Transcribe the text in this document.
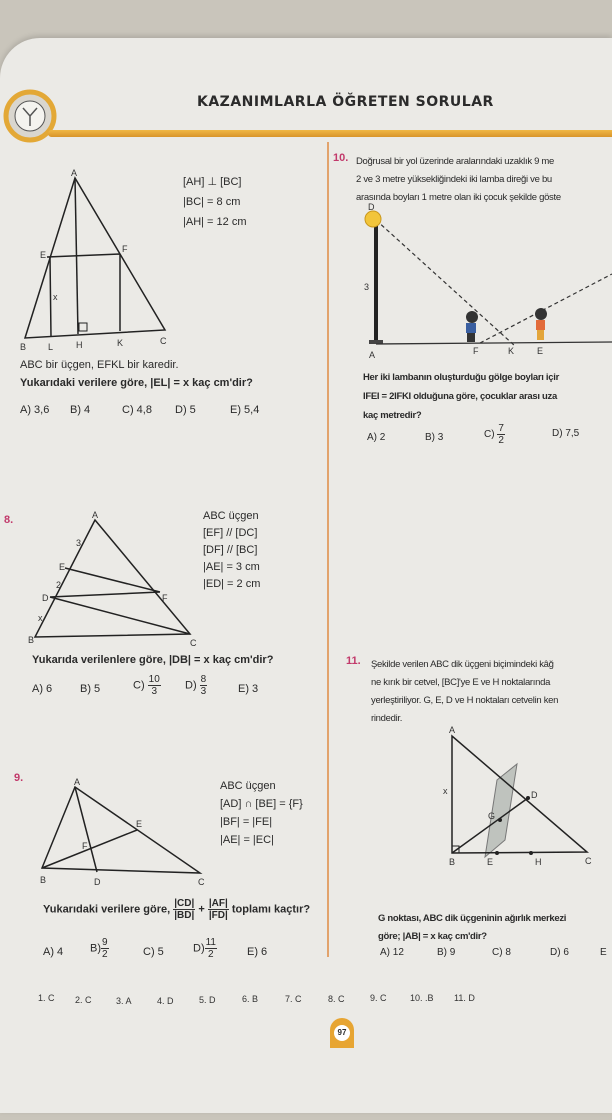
KAZANIMLARLA ÖĞRETEN SORULAR
A
B
C
E
F
L	H	K
x
[AH] ⊥ [BC]
|BC| = 8 cm
|AH| = 12 cm
ABC bir üçgen, EFKL bir karedir.
Yukarıdaki verilere göre, |EL| = x kaç cm'dir?
A) 3,6 B) 4	C) 4,8 D) 5	E) 5,4
8.	A
B	C
D
E
F
3
2
x
ABC üçgen
[EF] // [DC]
[DF] // [BC]
|AE| = 3 cm
|ED| = 2 cm
Yukarıda verilenlere göre, |DB| = x kaç cm'dir?
A) 6	B) 5	$C) \frac{10}{3} D) \frac{8}{3}$	E) 3
9.	A
B	C
D
E
F
ABC üçgen
[AD] ∩ [BE] = {F}
|BF| = |FE|
|AE| = |EC|
Yukarıdaki verilere göre, $\frac{|CD|}{|BD|} + \frac{|AF|}{|FD|}$ toplamı kaçtır?
A) 4 $B) \frac{9}{2}$	C) 5	$D) \frac{11}{2}$	E) 6
10. Doğrusal bir yol üzerinde aralarındaki uzaklık 9 me
2 ve 3 metre yüksekliğindeki iki lamba direği ve bu
arasında boyları 1 metre olan iki çocuk şekilde göste
D
3
A	F	K	E
Her iki lambanın oluşturduğu gölge boyları içir
IFEI = 2IFKI olduğuna göre, çocuklar arası uza
kaç metredir?
A) 2	B) 3	$C) \frac{7}{2}$	D) 7,5
11. Şekilde verilen ABC dik üçgeni biçimindeki kâğ
ne kırık bir cetvel, [BC]'ye E ve H noktalarında
yerleştiriliyor. G, E, D ve H noktaları cetvelin ken
rindedir.
A
B	C
D
G
E	H
x
G noktası, ABC dik üçgeninin ağırlık merkezi
göre; |AB| = x kaç cm'dir?
A) 12	B) 9	C) 8	D) 6	E
1. C 2. C	3. A	4. D	5. D	6. B	7. C	8. C	9. C	10. .B 11. D
97
